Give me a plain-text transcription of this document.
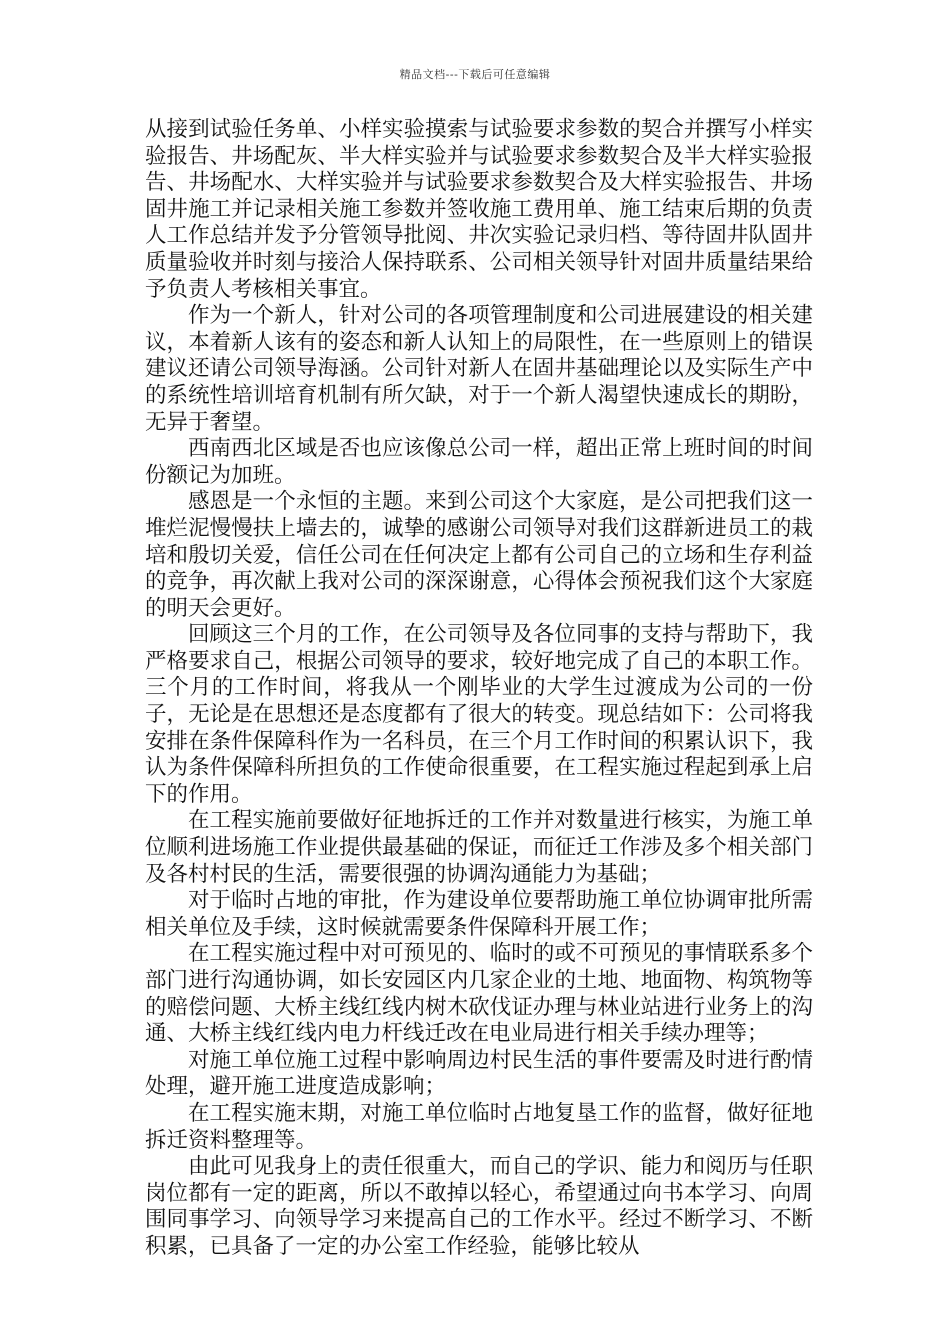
精品文档---下载后可任意编辑

从接到试验任务单、小样实验摸索与试验要求参数的契合并撰写小样实验报告、井场配灰、半大样实验并与试验要求参数契合及半大样实验报告、井场配水、大样实验并与试验要求参数契合及大样实验报告、井场固井施工并记录相关施工参数并签收施工费用单、施工结束后期的负责人工作总结并发予分管领导批阅、井次实验记录归档、等待固井队固井质量验收并时刻与接洽人保持联系、公司相关领导针对固井质量结果给予负责人考核相关事宜。

作为一个新人，针对公司的各项管理制度和公司进展建设的相关建议，本着新人该有的姿态和新人认知上的局限性，在一些原则上的错误建议还请公司领导海涵。公司针对新人在固井基础理论以及实际生产中的系统性培训培育机制有所欠缺，对于一个新人渴望快速成长的期盼，无异于奢望。

西南西北区域是否也应该像总公司一样，超出正常上班时间的时间份额记为加班。

感恩是一个永恒的主题。来到公司这个大家庭，是公司把我们这一堆烂泥慢慢扶上墙去的，诚挚的感谢公司领导对我们这群新进员工的栽培和殷切关爱，信任公司在任何决定上都有公司自己的立场和生存利益的竞争，再次献上我对公司的深深谢意，心得体会预祝我们这个大家庭的明天会更好。

回顾这三个月的工作，在公司领导及各位同事的支持与帮助下，我严格要求自己，根据公司领导的要求，较好地完成了自己的本职工作。三个月的工作时间，将我从一个刚毕业的大学生过渡成为公司的一份子，无论是在思想还是态度都有了很大的转变。现总结如下：公司将我安排在条件保障科作为一名科员，在三个月工作时间的积累认识下，我认为条件保障科所担负的工作使命很重要，在工程实施过程起到承上启下的作用。

在工程实施前要做好征地拆迁的工作并对数量进行核实，为施工单位顺利进场施工作业提供最基础的保证，而征迁工作涉及多个相关部门及各村村民的生活，需要很强的协调沟通能力为基础；

对于临时占地的审批，作为建设单位要帮助施工单位协调审批所需相关单位及手续，这时候就需要条件保障科开展工作；

在工程实施过程中对可预见的、临时的或不可预见的事情联系多个部门进行沟通协调，如长安园区内几家企业的土地、地面物、构筑物等的赔偿问题、大桥主线红线内树木砍伐证办理与林业站进行业务上的沟通、大桥主线红线内电力杆线迁改在电业局进行相关手续办理等；

对施工单位施工过程中影响周边村民生活的事件要需及时进行酌情处理，避开施工进度造成影响；

在工程实施末期，对施工单位临时占地复垦工作的监督，做好征地拆迁资料整理等。

由此可见我身上的责任很重大，而自己的学识、能力和阅历与任职岗位都有一定的距离，所以不敢掉以轻心，希望通过向书本学习、向周围同事学习、向领导学习来提高自己的工作水平。经过不断学习、不断积累，已具备了一定的办公室工作经验，能够比较从
